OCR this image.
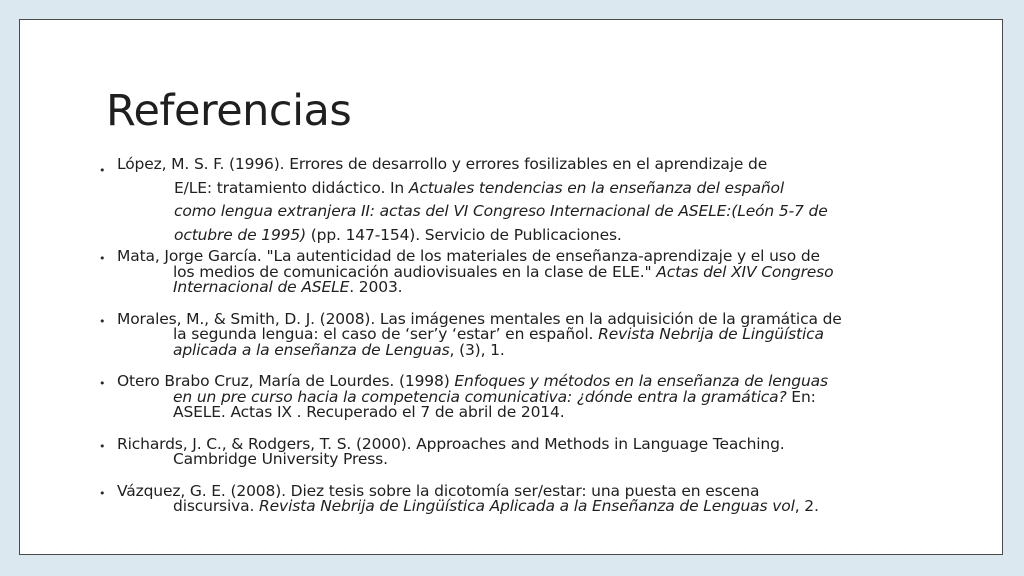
Referencias
• López, M. S. F. (1996). Errores de desarrollo y errores fosilizables en el aprendizaje de
E/LE: tratamiento didáctico. In Actuales tendencias en la enseñanza del español
como lengua extranjera II: actas del VI Congreso Internacional de ASELE:(León 5-7 de
octubre de 1995) (pp. 147-154). Servicio de Publicaciones.
• Mata, Jorge García. "La autenticidad de los materiales de enseñanza-aprendizaje y el uso de
los medios de comunicación audiovisuales en la clase de ELE." Actas del XIV Congreso
Internacional de ASELE. 2003.
• Morales, M., & Smith, D. J. (2008). Las imágenes mentales en la adquisición de la gramática de
la segunda lengua: el caso de ‘ser’y ‘estar’ en español. Revista Nebrija de Lingüística
aplicada a la enseñanza de Lenguas, (3), 1.
• Otero Brabo Cruz, María de Lourdes. (1998) Enfoques y métodos en la enseñanza de lenguas
en un pre curso hacia la competencia comunicativa: ¿dónde entra la gramática? En:
ASELE. Actas IX . Recuperado el 7 de abril de 2014.
• Richards, J. C., & Rodgers, T. S. (2000). Approaches and Methods in Language Teaching.
Cambridge University Press.
• Vázquez, G. E. (2008). Diez tesis sobre la dicotomía ser/estar: una puesta en escena
discursiva. Revista Nebrija de Lingüística Aplicada a la Enseñanza de Lenguas vol, 2.
